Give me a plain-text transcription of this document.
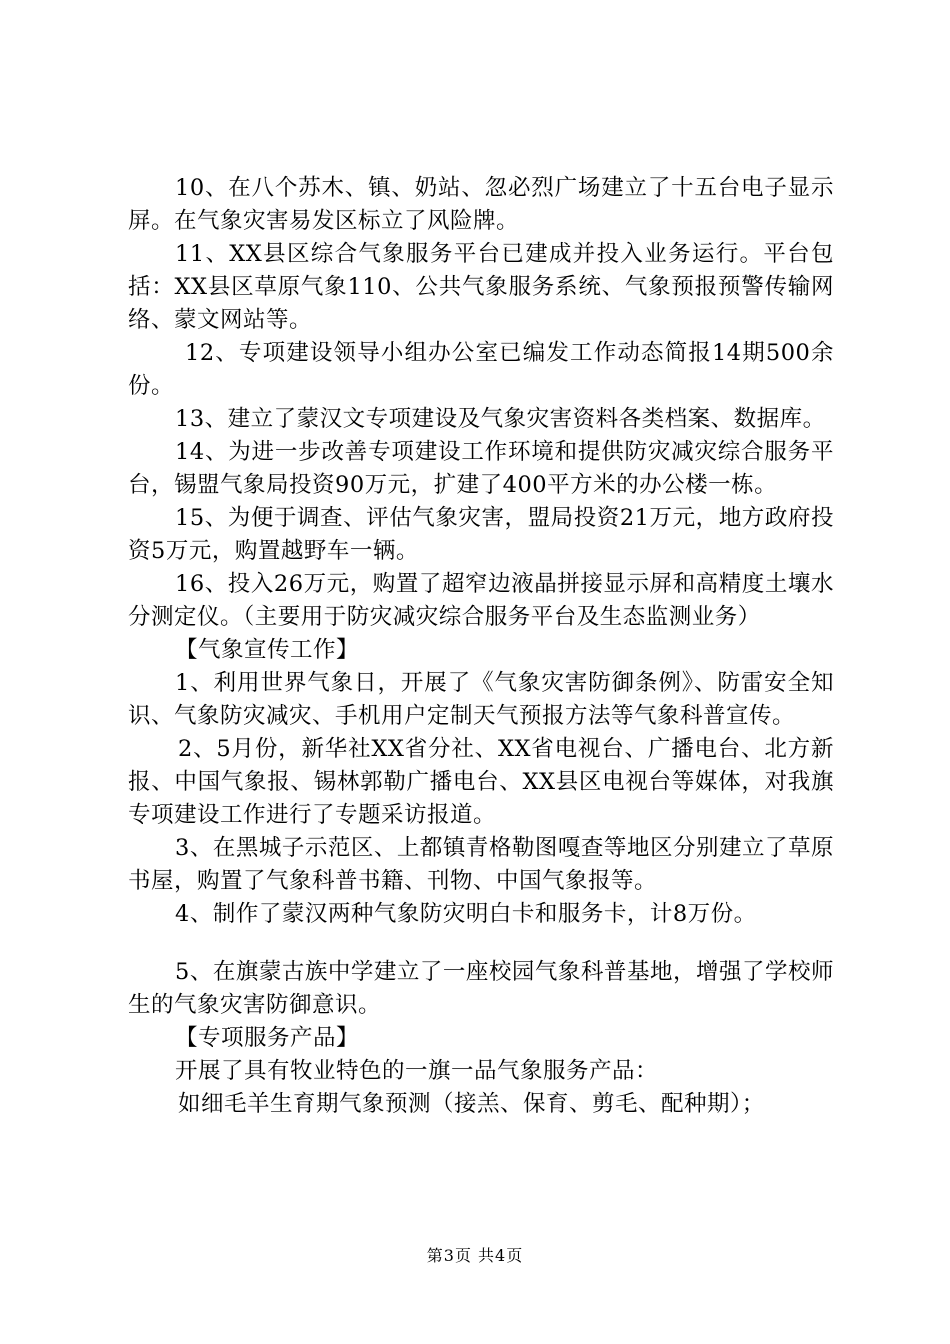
10、在八个苏木、镇、奶站、忽必烈广场建立了十五台电子显示屏。在气象灾害易发区标立了风险牌。

11、XX县区综合气象服务平台已建成并投入业务运行。平台包括：XX县区草原气象110、公共气象服务系统、气象预报预警传输网络、蒙文网站等。

12、专项建设领导小组办公室已编发工作动态简报14期500余份。

13、建立了蒙汉文专项建设及气象灾害资料各类档案、数据库。

14、为进一步改善专项建设工作环境和提供防灾减灾综合服务平台，锡盟气象局投资90万元，扩建了400平方米的办公楼一栋。

15、为便于调查、评估气象灾害，盟局投资21万元，地方政府投资5万元，购置越野车一辆。

16、投入26万元，购置了超窄边液晶拼接显示屏和高精度土壤水分测定仪。（主要用于防灾减灾综合服务平台及生态监测业务）

【气象宣传工作】

1、利用世界气象日，开展了《气象灾害防御条例》、防雷安全知识、气象防灾减灾、手机用户定制天气预报方法等气象科普宣传。

2、5月份，新华社XX省分社、XX省电视台、广播电台、北方新报、中国气象报、锡林郭勒广播电台、XX县区电视台等媒体，对我旗专项建设工作进行了专题采访报道。

3、在黑城子示范区、上都镇青格勒图嘎查等地区分别建立了草原书屋，购置了气象科普书籍、刊物、中国气象报等。

4、制作了蒙汉两种气象防灾明白卡和服务卡，计8万份。

5、在旗蒙古族中学建立了一座校园气象科普基地，增强了学校师生的气象灾害防御意识。

【专项服务产品】

开展了具有牧业特色的一旗一品气象服务产品：

如细毛羊生育期气象预测（接羔、保育、剪毛、配种期）；

第3页 共4页
